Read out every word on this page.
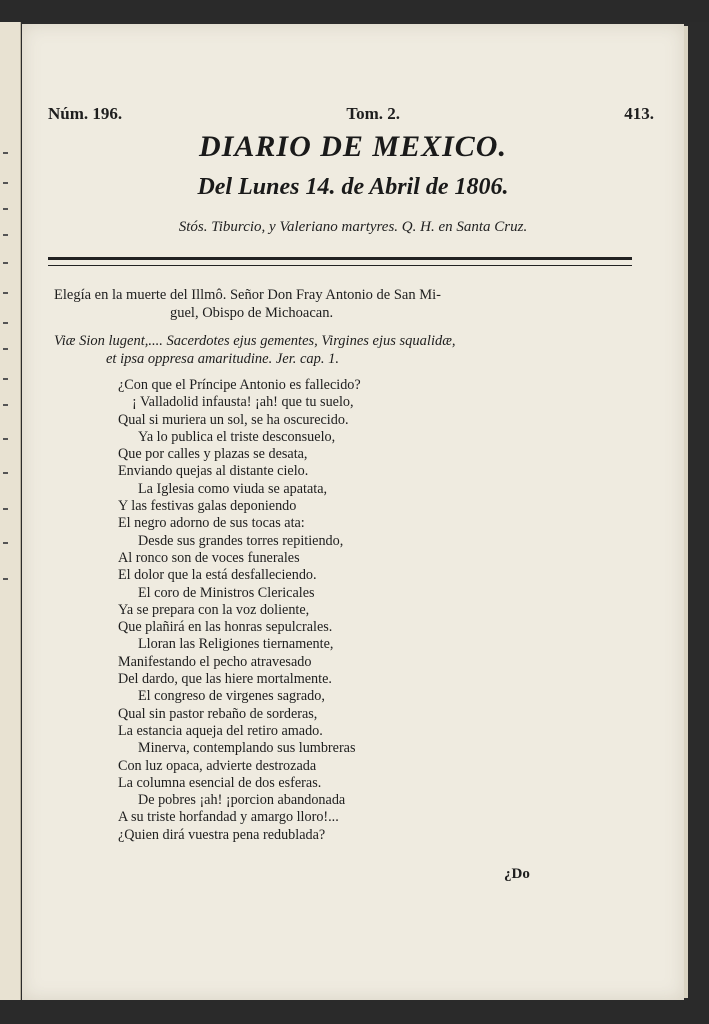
Núm. 196.	Tom. 2.	413.
DIARIO DE MEXICO.
Del Lunes 14. de Abril de 1806.
Stós. Tiburcio, y Valeriano martyres. Q. H. en Santa Cruz.
Elegía en la muerte del Illmô. Señor Don Fray Antonio de San Mi-
guel, Obispo de Michoacan.
Viæ Sion lugent,.... Sacerdotes ejus gementes, Virgines ejus squalidæ,
et ipsa oppresa amaritudine. Jer. cap. 1.
¿Con que el Príncipe Antonio es fallecido?
¡ Valladolid infausta! ¡ah! que tu suelo,
Qual si muriera un sol, se ha oscurecido.
Ya lo publica el triste desconsuelo,
Que por calles y plazas se desata,
Enviando quejas al distante cielo.
La Iglesia como viuda se apatata,
Y las festivas galas deponiendo
El negro adorno de sus tocas ata:
Desde sus grandes torres repitiendo,
Al ronco son de voces funerales
El dolor que la está desfalleciendo.
El coro de Ministros Clericales
Ya se prepara con la voz doliente,
Que plañirá en las honras sepulcrales.
Lloran las Religiones tiernamente,
Manifestando el pecho atravesado
Del dardo, que las hiere mortalmente.
El congreso de virgenes sagrado,
Qual sin pastor rebaño de sorderas,
La estancia aqueja del retiro amado.
Minerva, contemplando sus lumbreras
Con luz opaca, advierte destrozada
La columna esencial de dos esferas.
De pobres ¡ah! ¡porcion abandonada
A su triste horfandad y amargo lloro!...
¿Quien dirá vuestra pena redublada?
¿Do
